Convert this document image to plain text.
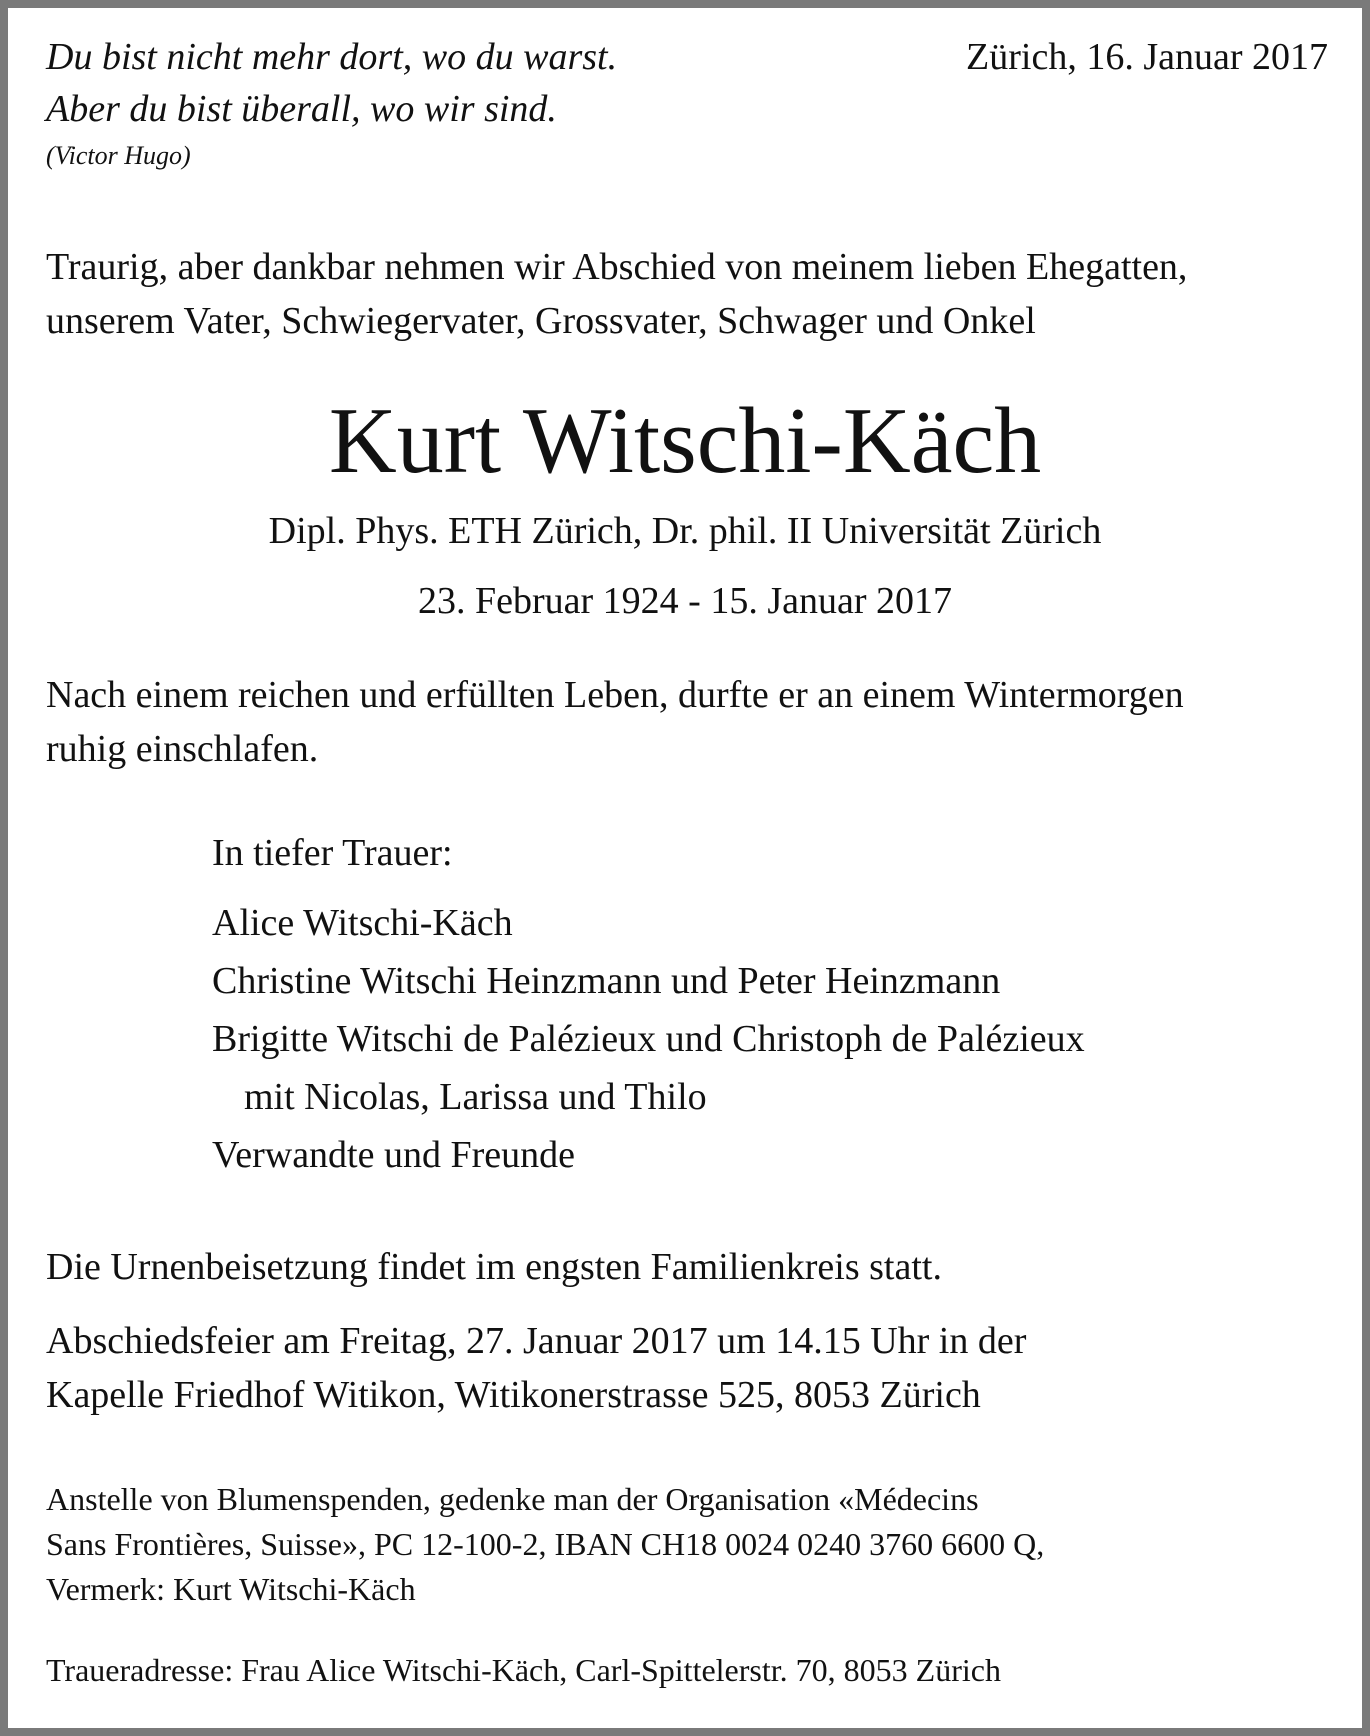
Du bist nicht mehr dort, wo du warst.
Aber du bist überall, wo wir sind.
(Victor Hugo)
Zürich, 16. Januar 2017
Traurig, aber dankbar nehmen wir Abschied von meinem lieben Ehegatten,
unserem Vater, Schwiegervater, Grossvater, Schwager und Onkel
Kurt Witschi-Käch
Dipl. Phys. ETH Zürich, Dr. phil. II Universität Zürich
23. Februar 1924 - 15. Januar 2017
Nach einem reichen und erfüllten Leben, durfte er an einem Wintermorgen
ruhig einschlafen.
In tiefer Trauer:
Alice Witschi-Käch
Christine Witschi Heinzmann und Peter Heinzmann
Brigitte Witschi de Palézieux und Christoph de Palézieux
mit Nicolas, Larissa und Thilo
Verwandte und Freunde
Die Urnenbeisetzung findet im engsten Familienkreis statt.
Abschiedsfeier am Freitag, 27. Januar 2017 um 14.15 Uhr in der
Kapelle Friedhof Witikon, Witikonerstrasse 525, 8053 Zürich
Anstelle von Blumenspenden, gedenke man der Organisation «Médecins
Sans Frontières, Suisse», PC 12-100-2, IBAN CH18 0024 0240 3760 6600 Q,
Vermerk: Kurt Witschi-Käch
Traueradresse: Frau Alice Witschi-Käch, Carl-Spittelerstr. 70, 8053 Zürich
